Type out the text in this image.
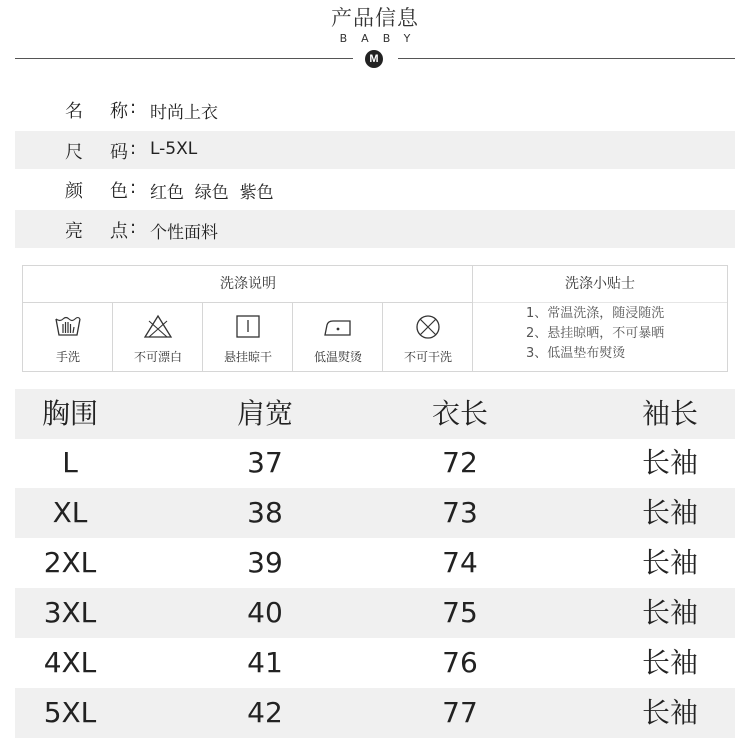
产品信息
BABY
M
名 称 : 时尚上衣
尺 码 : L-5XL
颜 色 : 红色  绿色  紫色
亮 点 : 个性面料
洗涤说明	洗涤小贴士
手洗	不可漂白	悬挂晾干	低温熨烫	不可干洗
1、常温洗涤，随浸随洗
2、悬挂晾晒，不可暴晒
3、低温垫布熨烫
胸围	肩宽	衣长	袖长
L	37	72	长袖
XL	38	73	长袖
2XL	39	74	长袖
3XL	40	75	长袖
4XL	41	76	长袖
5XL	42	77	长袖
